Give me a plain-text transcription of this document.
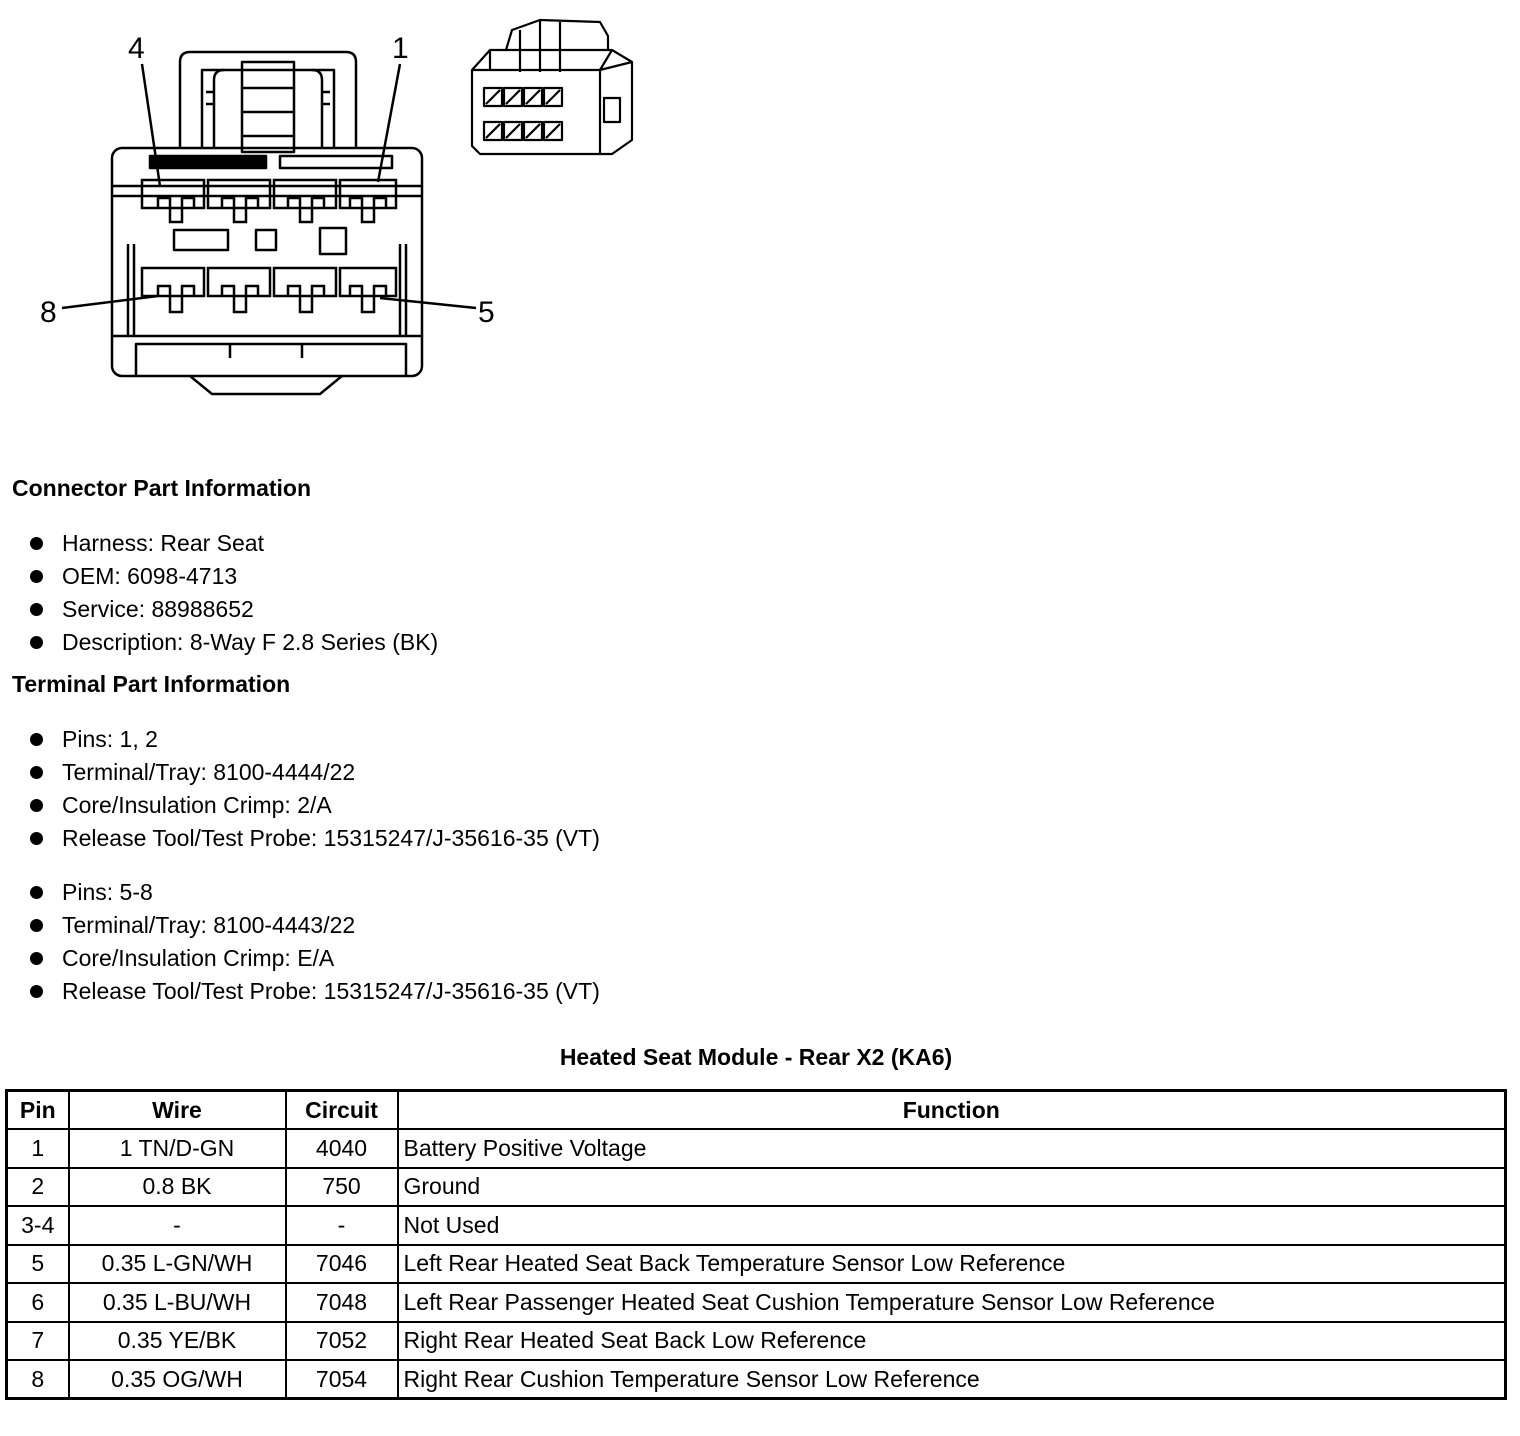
4	1
8	5
Connector Part Information
Harness: Rear Seat
OEM: 6098-4713
Service: 88988652
Description: 8-Way F 2.8 Series (BK)
Terminal Part Information
Pins: 1, 2
Terminal/Tray: 8100-4444/22
Core/Insulation Crimp: 2/A
Release Tool/Test Probe: 15315247/J-35616-35 (VT)
Pins: 5-8
Terminal/Tray: 8100-4443/22
Core/Insulation Crimp: E/A
Release Tool/Test Probe: 15315247/J-35616-35 (VT)
Heated Seat Module - Rear X2 (KA6)
Pin	Wire	Circuit	Function
1	1 TN/D-GN	4040	Battery Positive Voltage
2	0.8 BK	750	Ground
3-4	-	-	Not Used
5	0.35 L-GN/WH	7046	Left Rear Heated Seat Back Temperature Sensor Low Reference
6	0.35 L-BU/WH	7048	Left Rear Passenger Heated Seat Cushion Temperature Sensor Low Reference
7	0.35 YE/BK	7052	Right Rear Heated Seat Back Low Reference
8	0.35 OG/WH	7054	Right Rear Cushion Temperature Sensor Low Reference
